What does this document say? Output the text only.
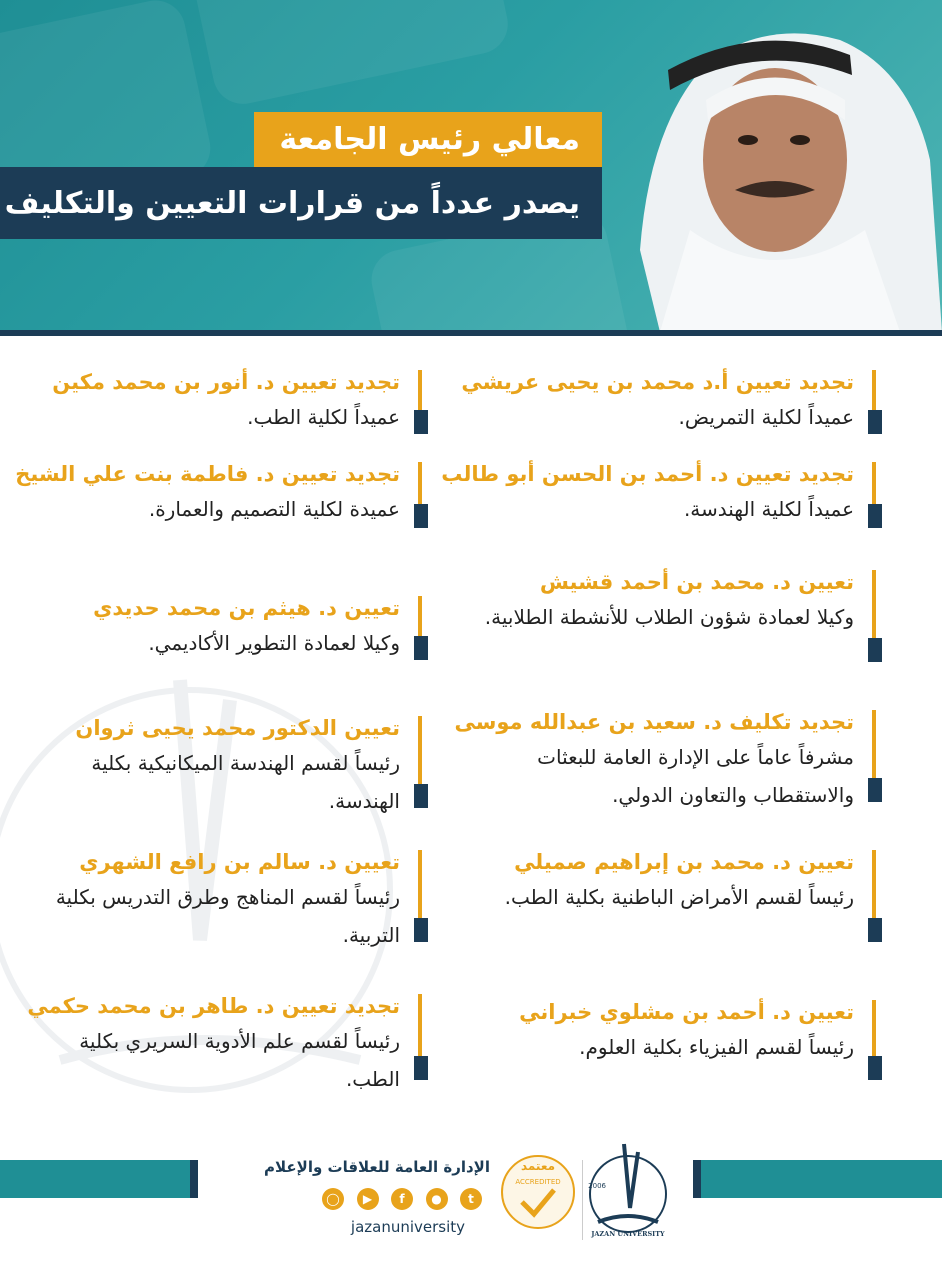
معالي رئيس الجامعة
يصدر عدداً من قرارات التعيين والتكليف
تجديد تعيين أ.د محمد بن يحيى عريشي
عميداً لكلية التمريض.
تجديد تعيين د. أحمد بن الحسن أبو طالب
عميداً لكلية الهندسة.
تعيين د. محمد بن أحمد قشيش
وكيلا لعمادة شؤون الطلاب للأنشطة الطلابية.
تجديد تكليف د. سعيد بن عبدالله موسى
مشرفاً عاماً على الإدارة العامة للبعثات والاستقطاب والتعاون الدولي.
تعيين د. محمد بن إبراهيم صميلي
رئيساً لقسم الأمراض الباطنية بكلية الطب.
تعيين د. أحمد بن مشلوي خبراني
رئيساً لقسم الفيزياء بكلية العلوم.
تجديد تعيين د. أنور بن محمد مكين
عميداً لكلية الطب.
تجديد تعيين د. فاطمة بنت علي الشيخ
عميدة لكلية التصميم والعمارة.
تعيين د. هيثم بن محمد حديدي
وكيلا لعمادة التطوير الأكاديمي.
تعيين الدكتور محمد يحيى ثروان
رئيساً لقسم الهندسة الميكانيكية بكلية الهندسة.
تعيين د. سالم بن رافع الشهري
رئيساً لقسم المناهج وطرق التدريس بكلية التربية.
تجديد تعيين د. طاهر بن محمد حكمي
رئيساً لقسم علم الأدوية السريري بكلية الطب.
الإدارة العامة للعلاقات والإعلام
t
●
f
▶
◯
jazanuniversity
معتمد
ACCREDITED	2006
JAZAN UNIVERSITY
